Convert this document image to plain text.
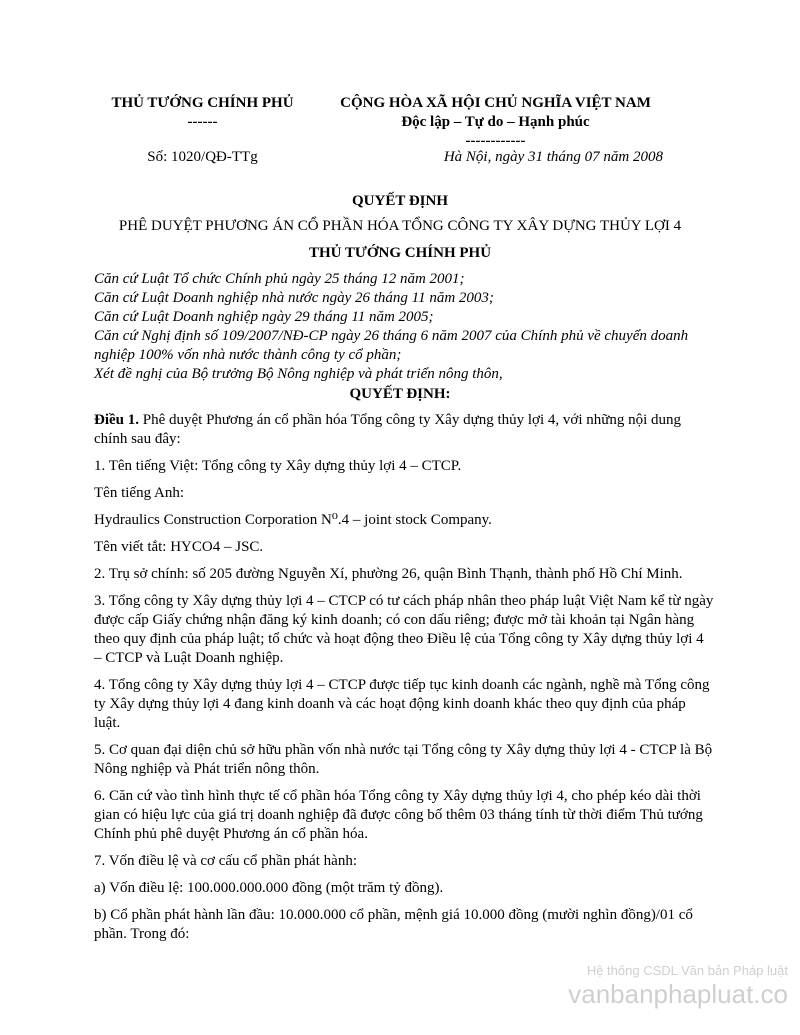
THỦ TƯỚNG CHÍNH PHỦ
------
CỘNG HÒA XÃ HỘI CHỦ NGHĨA VIỆT NAM
Độc lập – Tự do – Hạnh phúc
------------
Số: 1020/QĐ-TTg	Hà Nội, ngày 31 tháng 07 năm 2008
QUYẾT ĐỊNH
PHÊ DUYỆT PHƯƠNG ÁN CỔ PHẦN HÓA TỔNG CÔNG TY XÂY DỰNG THỦY LỢI 4
THỦ TƯỚNG CHÍNH PHỦ
Căn cứ Luật Tổ chức Chính phủ ngày 25 tháng 12 năm 2001;
Căn cứ Luật Doanh nghiệp nhà nước ngày 26 tháng 11 năm 2003;
Căn cứ Luật Doanh nghiệp ngày 29 tháng 11 năm 2005;
Căn cứ Nghị định số 109/2007/NĐ-CP ngày 26 tháng 6 năm 2007 của Chính phủ về chuyển doanh nghiệp 100% vốn nhà nước thành công ty cổ phần;
Xét đề nghị của Bộ trưởng Bộ Nông nghiệp và phát triển nông thôn,
QUYẾT ĐỊNH:

Điều 1. Phê duyệt Phương án cổ phần hóa Tổng công ty Xây dựng thủy lợi 4, với những nội dung chính sau đây:

1. Tên tiếng Việt: Tổng công ty Xây dựng thủy lợi 4 – CTCP.

Tên tiếng Anh:

Hydraulics Construction Corporation N⁰.4 – joint stock Company.

Tên viết tắt: HYCO4 – JSC.

2. Trụ sở chính: số 205 đường Nguyễn Xí, phường 26, quận Bình Thạnh, thành phố Hồ Chí Minh.

3. Tổng công ty Xây dựng thủy lợi 4 – CTCP có tư cách pháp nhân theo pháp luật Việt Nam kể từ ngày được cấp Giấy chứng nhận đăng ký kinh doanh; có con dấu riêng; được mở tài khoản tại Ngân hàng theo quy định của pháp luật; tổ chức và hoạt động theo Điều lệ của Tổng công ty Xây dựng thủy lợi 4 – CTCP và Luật Doanh nghiệp.

4. Tổng công ty Xây dựng thủy lợi 4 – CTCP được tiếp tục kinh doanh các ngành, nghề mà Tổng công ty Xây dựng thủy lợi 4 đang kinh doanh và các hoạt động kinh doanh khác theo quy định của pháp luật.

5. Cơ quan đại diện chủ sở hữu phần vốn nhà nước tại Tổng công ty Xây dựng thủy lợi 4 - CTCP là Bộ Nông nghiệp và Phát triển nông thôn.

6. Căn cứ vào tình hình thực tế cổ phần hóa Tổng công ty Xây dựng thủy lợi 4, cho phép kéo dài thời gian có hiệu lực của giá trị doanh nghiệp đã được công bố thêm 03 tháng tính từ thời điểm Thủ tướng Chính phủ phê duyệt Phương án cổ phần hóa.

7. Vốn điều lệ và cơ cấu cổ phần phát hành:

a) Vốn điều lệ: 100.000.000.000 đồng (một trăm tỷ đồng).

b) Cổ phần phát hành lần đầu: 10.000.000 cổ phần, mệnh giá 10.000 đồng (mười nghìn đồng)/01 cổ phần. Trong đó:

Hệ thống CSDL Văn bản Pháp luật
vanbanphapluat.co
